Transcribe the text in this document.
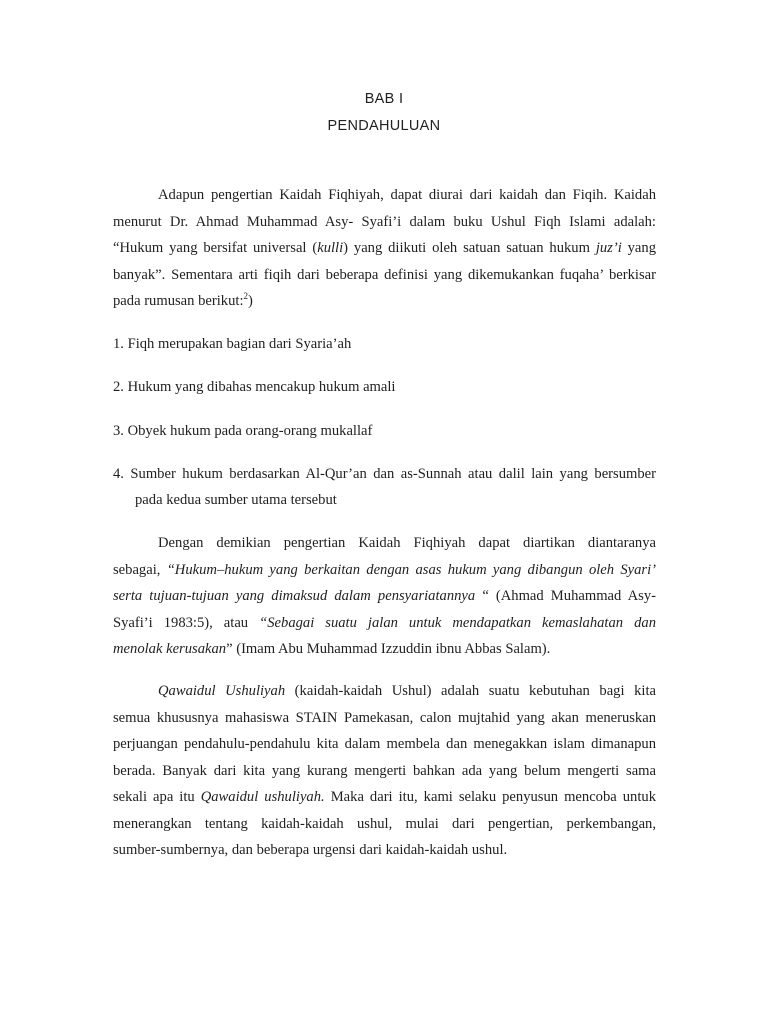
BAB I
PENDAHULUAN
Adapun pengertian Kaidah Fiqhiyah, dapat diurai dari kaidah dan Fiqih. Kaidah
menurut Dr. Ahmad Muhammad Asy- Syafi’i dalam buku Ushul Fiqh Islami adalah:
“Hukum yang bersifat universal (kulli) yang diikuti oleh satuan satuan hukum juz’i yang
banyak”. Sementara arti fiqih dari beberapa definisi yang dikemukankan fuqaha’ berkisar
pada rumusan berikut:$^2$)
1. Fiqh merupakan bagian dari Syaria’ah
2. Hukum yang dibahas mencakup hukum amali
3. Obyek hukum pada orang-orang mukallaf
4. Sumber hukum berdasarkan Al-Qur’an dan as-Sunnah atau dalil lain yang bersumber
pada kedua sumber utama tersebut
Dengan demikian pengertian Kaidah Fiqhiyah dapat diartikan diantaranya
sebagai, “Hukum–hukum yang berkaitan dengan asas hukum yang dibangun oleh Syari’
serta tujuan-tujuan yang dimaksud dalam pensyariatannya “ (Ahmad Muhammad Asy-
Syafi’i 1983:5), atau “Sebagai suatu jalan untuk mendapatkan kemaslahatan dan
menolak kerusakan” (Imam Abu Muhammad Izzuddin ibnu Abbas Salam).
Qawaidul Ushuliyah (kaidah-kaidah Ushul) adalah suatu kebutuhan bagi kita
semua khususnya mahasiswa STAIN Pamekasan, calon mujtahid yang akan meneruskan
perjuangan pendahulu-pendahulu kita dalam membela dan menegakkan islam dimanapun
berada. Banyak dari kita yang kurang mengerti bahkan ada yang belum mengerti sama
sekali apa itu Qawaidul ushuliyah. Maka dari itu, kami selaku penyusun mencoba untuk
menerangkan tentang kaidah-kaidah ushul, mulai dari pengertian, perkembangan,
sumber-sumbernya, dan beberapa urgensi dari kaidah-kaidah ushul.
